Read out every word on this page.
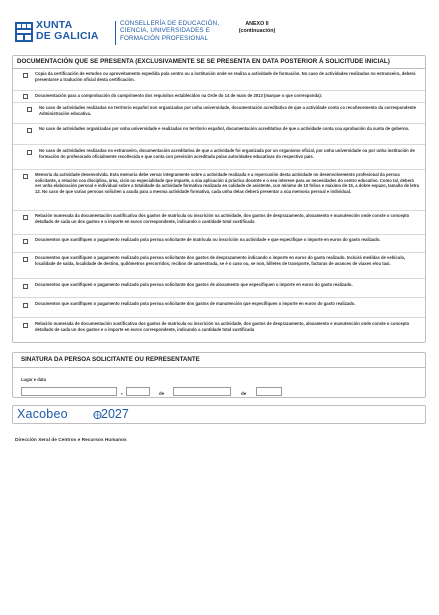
XUNTA
DE GALICIA
CONSELLERÍA DE EDUCACIÓN,
CIENCIA, UNIVERSIDADES E
FORMACIÓN PROFESIONAL
ANEXO II
(continuación)
DOCUMENTACIÓN QUE SE PRESENTA (EXCLUSIVAMENTE SE SE PRESENTA EN DATA POSTERIOR Á SOLICITUDE INICIAL)
Copia da certificación de estudos ou aproveitamento expedida pola centro ou a institución onde se realiza a actividade de formación. No caso de actividades realizadas no estranxeiro, deberá presentarse a tradución oficial desta certificación.
Documentación para a comprobación do cumprimento dos requisitos establecidos na Orde do 14 de maio de 2013 (marque o que corresponda):
No caso de actividades realizadas no territorio español non organizadas por unha universidade, documentación acreditativa de que a actividade conta co recoñecemento da correspondente Administración educativa.
No caso de actividades organizadas por unha universidade e realizadas no territorio español, documentación acreditativa de que a actividade conta coa aprobación da xunta de goberno.
No caso de actividades realizadas no estranxeiro, documentación acreditativa de que a actividade foi organizada por un organismo oficial, por unha universidade ou por unha institución de formación do profesorado oficialmente recoñecida e que conta con previsión acreditada polas autoridades educativas do respectivo país.
Memoria da actividade desenvolvida. Esta memoria debe versar integramente sobre a actividade realizada e a repercusión desta actividade no desenvolvemento profesional da persoa solicitante, a relación coa disciplina, área, ciclo ou especialidade que imparte, a súa aplicación á práctica docente e o seu interese para as necesidades do centro educativo. Como tal, deberá ser unha elaboración persoal e individual sobre a totalidade da actividade formativa realizada en calidade de asistente, cun mínimo de 10 folios e máximo de 15, a dobre espazo, tamaño de letra 12. No caso de que varias persoas soliciten a axuda para a mesma actividade formativa, cada unha delas deberá presentar a súa memoria persoal e individual.
Relación numerada da documentación xustificativa dos gastos de matrícula ou inscrición na actividade, dos gastos de desprazamento, aloxamento e manutención onde conste o concepto detallado de cada un dos gastos e o importe en euros correspondente, indicando o cantidade total xustificada
Documentos que xustifiquen o pagamento realizado pola persoa solicitante de matrícula ou inscrición na actividade e que especifique o importe en euros do gasto realizado.
Documentos que xustifiquen o pagamento realizado pola persoa solicitante dos gastos de desprazamento indicando o importe en euros do gasto realizado. Incluirá medidas de vehículo, localidade de saída, localidade de destino, quilómetros percorridos, recibos de autoestrada, se é o caso ou, se non, billetes de transporte, facturas de avances de viaxes e/ou taxi.
Documentos que xustifiquen o pagamento realizado pola persoa solicitante dos gastos de aloxamento que especifiquen o importe en euros do gasto realizado.
Documentos que xustifiquen o pagamento realizado pola persoa solicitante dos gastos de manutención que especifiquen o importe en euros do gasto realizado.
Relación numerada de documentación xustificativa dos gastos de matrícula ou inscrición na actividade, dos gastos de desprazamento, aloxamento e manutención onde conste o concepto detallado de cada un dos gastos e o importe en euros correspondente, indicando a cantidade total xustificada
SINATURA DA PERSOA SOLICITANTE OU REPRESENTANTE
Lugar e data
,	de	de
Xacobeo	2027
Dirección Xeral de Centros e Recursos Humanos
